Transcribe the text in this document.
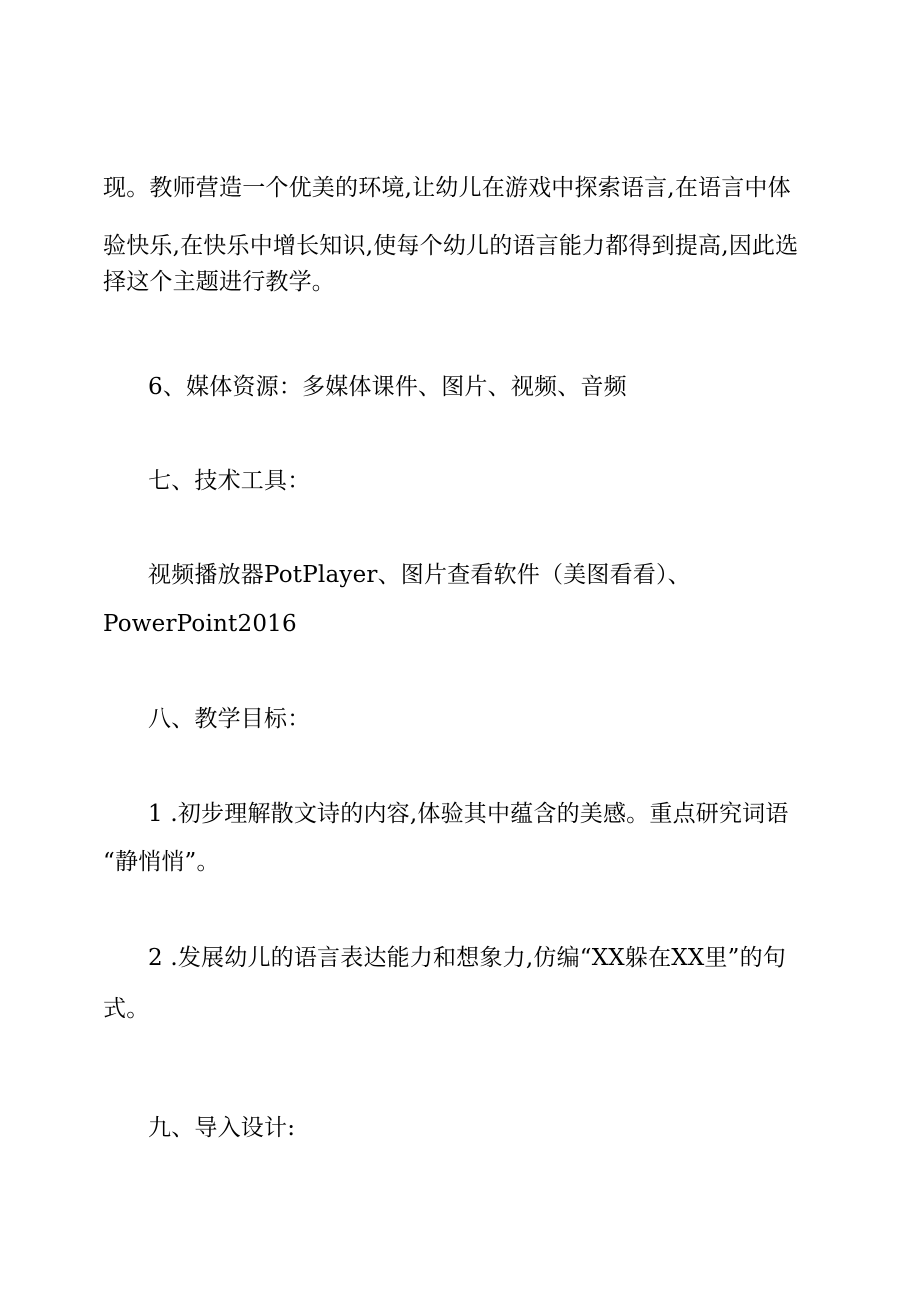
现。教师营造一个优美的环境,让幼儿在游戏中探索语言,在语言中体
验快乐,在快乐中增长知识,使每个幼儿的语言能力都得到提高,因此选
择这个主题进行教学。
6、媒体资源：多媒体课件、图片、视频、音频
七、技术工具：
视频播放器PotPlayer、图片查看软件（美图看看）、
PowerPoint2016
八、教学目标：
1 .初步理解散文诗的内容,体验其中蕴含的美感。重点研究词语
“静悄悄”。
2 .发展幼儿的语言表达能力和想象力,仿编“XX躲在XX里”的句
式。
九、导入设计:
